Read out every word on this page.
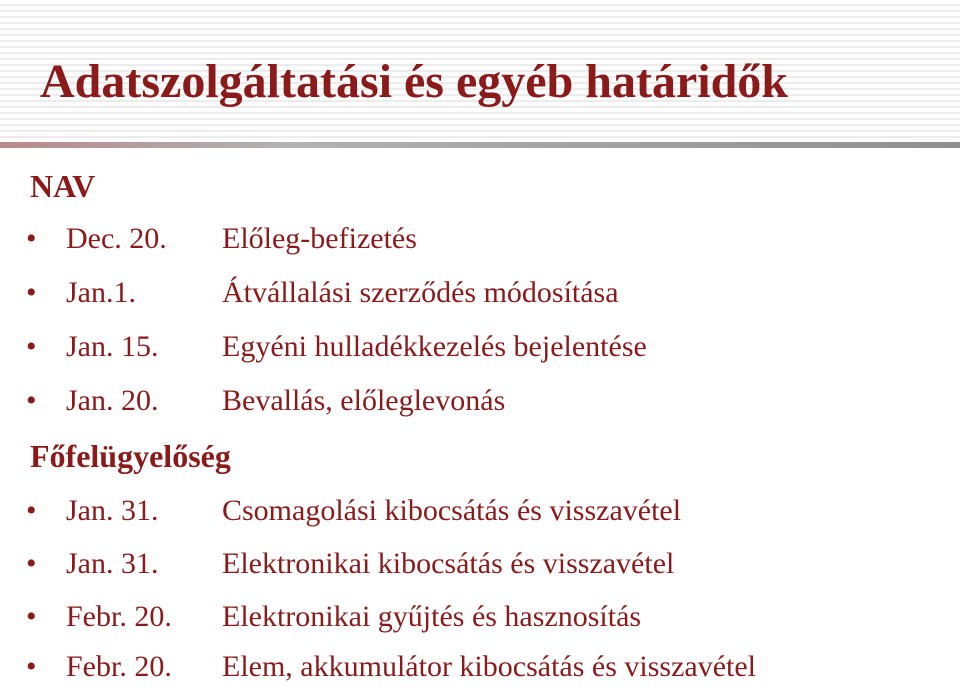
Adatszolgáltatási és egyéb határidők
NAV
• Dec. 20. Előleg-befizetés
• Jan.1.	Átvállalási szerződés módosítása
• Jan. 15. Egyéni hulladékkezelés bejelentése
• Jan. 20. Bevallás, előleglevonás
Főfelügyelőség
• Jan. 31. Csomagolási kibocsátás és visszavétel
• Jan. 31. Elektronikai kibocsátás és visszavétel
• Febr. 20. Elektronikai gyűjtés és hasznosítás
• Febr. 20. Elem, akkumulátor kibocsátás és visszavétel
